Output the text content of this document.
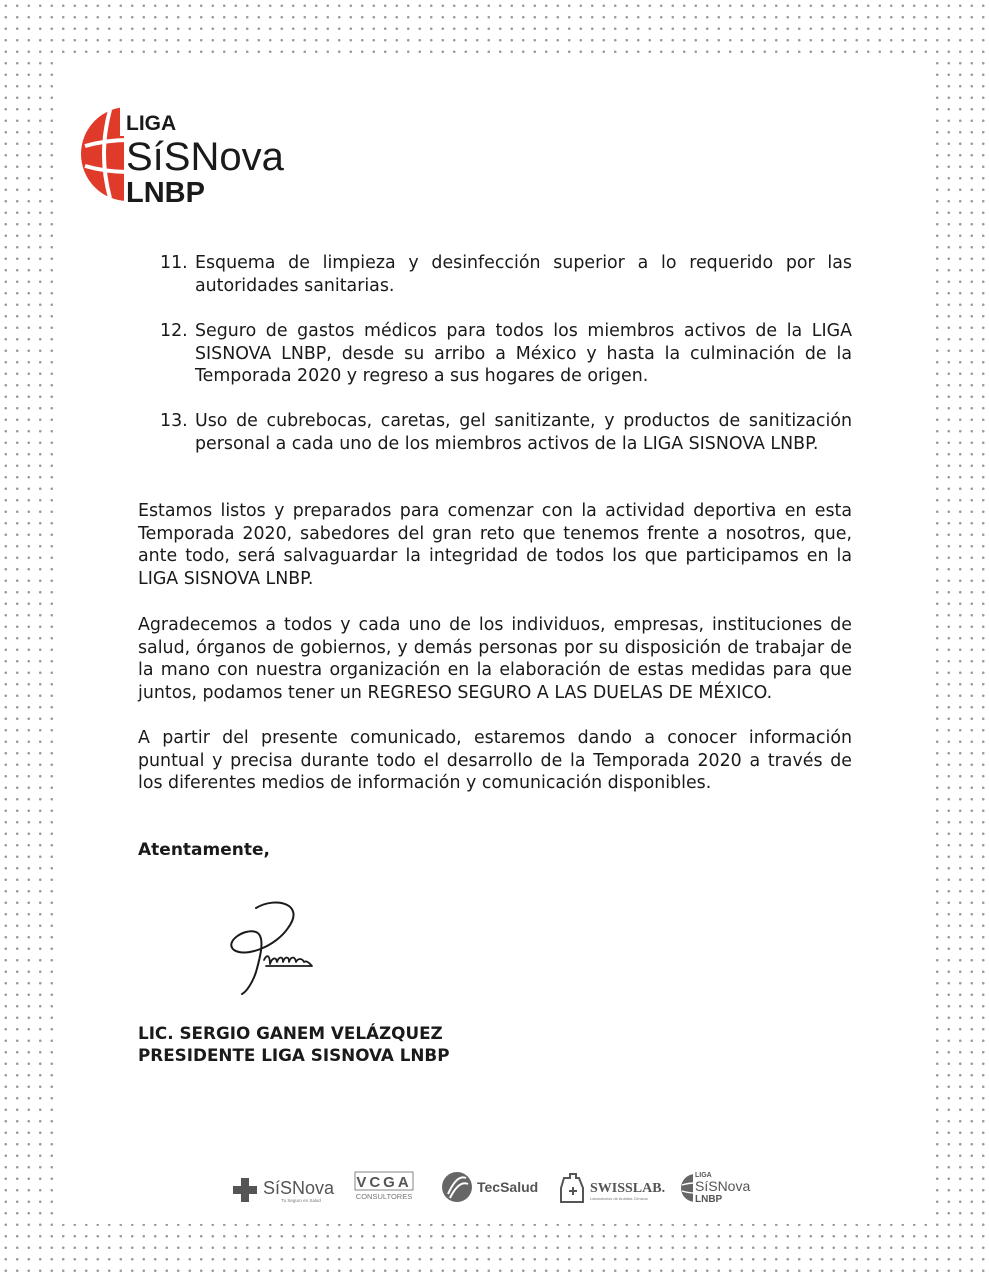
LIGA
SíSNova
LNBP
11. Esquema de limpieza y desinfección superior a lo requerido por las autoridades sanitarias.
12. Seguro de gastos médicos para todos los miembros activos de la LIGA SISNOVA LNBP, desde su arribo a México y hasta la culminación de la Temporada 2020 y regreso a sus hogares de origen.
13. Uso de cubrebocas, caretas, gel sanitizante, y productos de sanitización personal a cada uno de los miembros activos de la LIGA SISNOVA LNBP.
Estamos listos y preparados para comenzar con la actividad deportiva en esta Temporada 2020, sabedores del gran reto que tenemos frente a nosotros, que, ante todo, será salvaguardar la integridad de todos los que participamos en la LIGA SISNOVA LNBP.
Agradecemos a todos y cada uno de los individuos, empresas, instituciones de salud, órganos de gobiernos, y demás personas por su disposición de trabajar de la mano con nuestra organización en la elaboración de estas medidas para que juntos, podamos tener un REGRESO SEGURO A LAS DUELAS DE MÉXICO.
A partir del presente comunicado, estaremos dando a conocer información puntual y precisa durante todo el desarrollo de la Temporada 2020 a través de los diferentes medios de información y comunicación disponibles.
Atentamente,
LIC. SERGIO GANEM VELÁZQUEZ
PRESIDENTE LIGA SISNOVA LNBP
SíSNova
Tu Seguro en Salud
VCGA
CONSULTORES
TecSalud	SWISSLAB.
Laboratorios de Análisis Clínicos
LIGA
SíSNova
LNBP
